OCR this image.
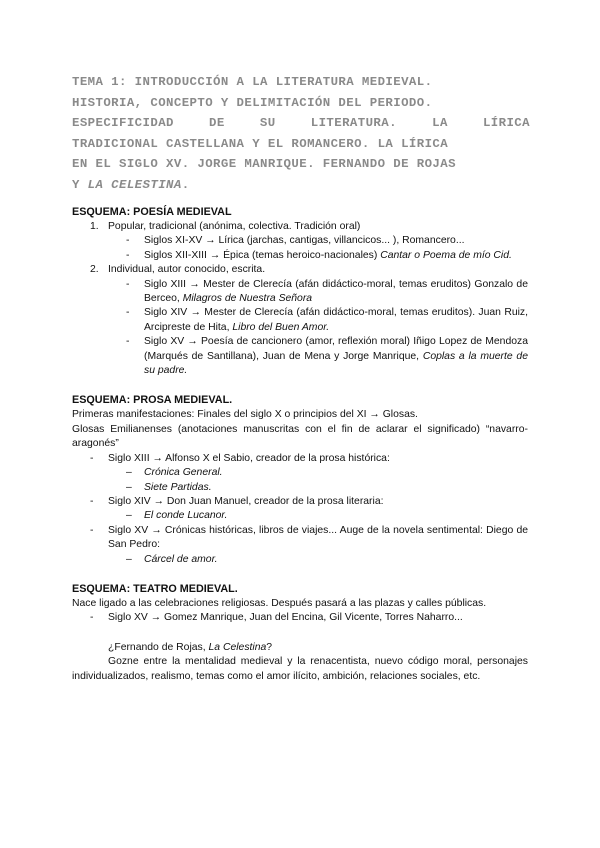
TEMA 1: INTRODUCCIÓN A LA LITERATURA MEDIEVAL.
HISTORIA, CONCEPTO Y DELIMITACIÓN DEL PERIODO.
ESPECIFICIDAD	DE	SU	LITERATURA.	LA	LÍRICA
TRADICIONAL CASTELLANA Y EL ROMANCERO. LA LÍRICA
EN EL SIGLO XV. JORGE MANRIQUE. FERNANDO DE ROJAS
Y LA CELESTINA.
ESQUEMA: POESÍA MEDIEVAL
1. Popular, tradicional (anónima, colectiva. Tradición oral)
- Siglos XI-XV → Lírica (jarchas, cantigas, villancicos... ), Romancero...
- Siglos XII-XIII → Épica (temas heroico-nacionales) Cantar o Poema de mío Cid.
2. Individual, autor conocido, escrita.
- Siglo XIII → Mester de Clerecía (afán didáctico-moral, temas eruditos) Gonzalo de Berceo, Milagros de Nuestra Señora
- Siglo XIV → Mester de Clerecía (afán didáctico-moral, temas eruditos). Juan Ruiz, Arcipreste de Hita, Libro del Buen Amor.
- Siglo XV → Poesía de cancionero (amor, reflexión moral) Iñigo Lopez de Mendoza (Marqués de Santillana), Juan de Mena y Jorge Manrique, Coplas a la muerte de su padre.
ESQUEMA: PROSA MEDIEVAL.
Primeras manifestaciones: Finales del siglo X o principios del XI → Glosas.
Glosas Emilianenses (anotaciones manuscritas con el fin de aclarar el significado) “navarro-aragonés”
- Siglo XIII → Alfonso X el Sabio, creador de la prosa histórica:
– Crónica General.
– Siete Partidas.
- Siglo XIV → Don Juan Manuel, creador de la prosa literaria:
– El conde Lucanor.
- Siglo XV → Crónicas históricas, libros de viajes... Auge de la novela sentimental: Diego de San Pedro:
– Cárcel de amor.
ESQUEMA: TEATRO MEDIEVAL.
Nace ligado a las celebraciones religiosas. Después pasará a las plazas y calles públicas.
- Siglo XV → Gomez Manrique, Juan del Encina, Gil Vicente, Torres Naharro...
¿Fernando de Rojas, La Celestina?
Gozne entre la mentalidad medieval y la renacentista, nuevo código moral, personajes individualizados, realismo, temas como el amor ilícito, ambición, relaciones sociales, etc.
